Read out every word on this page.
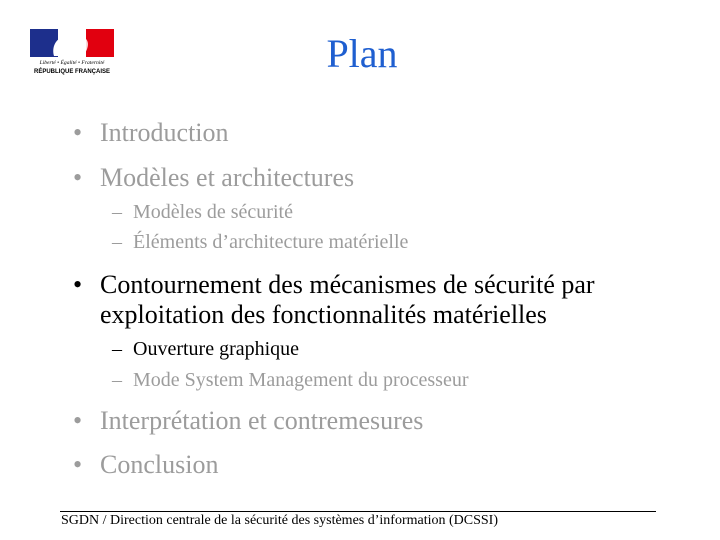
Liberté • Égalité • Fraternité
RÉPUBLIQUE FRANÇAISE	Plan
• Introduction
• Modèles et architectures
– Modèles de sécurité
– Éléments d’architecture matérielle
• Contournement des mécanismes de sécurité par
exploitation des fonctionnalités matérielles
– Ouverture graphique
– Mode System Management du processeur
• Interprétation et contremesures
• Conclusion
SGDN / Direction centrale de la sécurité des systèmes d’information (DCSSI)
